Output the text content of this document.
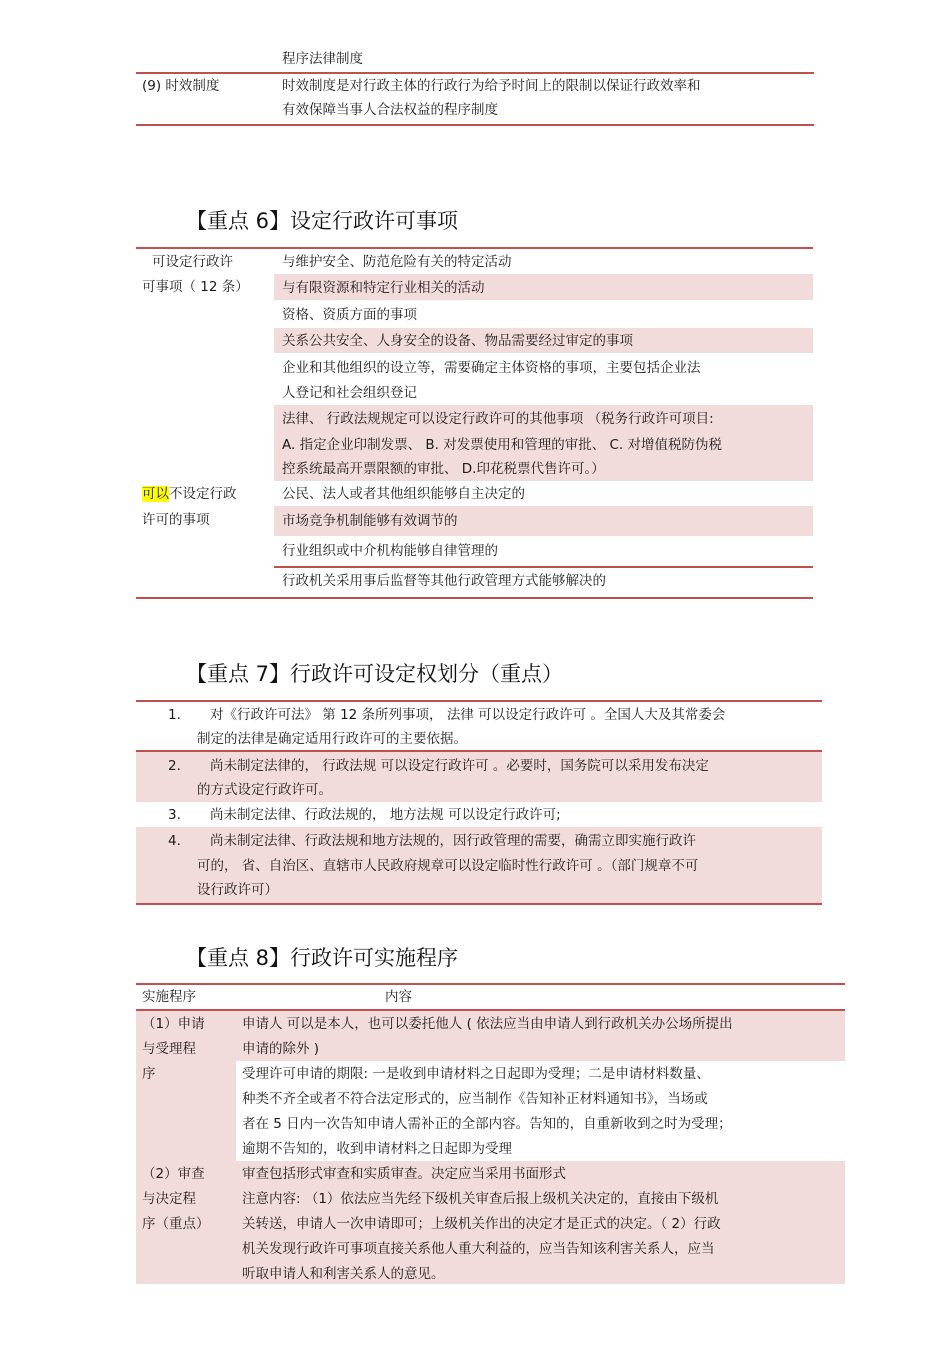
程序法律制度
(9) 时效制度	时效制度是对行政主体的行政行为给予时间上的限制以保证行政效率和
有效保障当事人合法权益的程序制度
【重点 6】设定行政许可事项
可设定行政许
可事项（ 12 条）
与维护安全、防范危险有关的特定活动
与有限资源和特定行业相关的活动
资格、资质方面的事项
关系公共安全、人身安全的设备、物品需要经过审定的事项
企业和其他组织的设立等，需要确定主体资格的事项，主要包括企业法
人登记和社会组织登记
法律、 行政法规规定可以设定行政许可的其他事项 （税务行政许可项目:
A. 指定企业印制发票、 B. 对发票使用和管理的审批、 C. 对增值税防伪税
控系统最高开票限额的审批、 D.印花税票代售许可。）
可以不设定行政
许可的事项
公民、法人或者其他组织能够自主决定的
市场竞争机制能够有效调节的
行业组织或中介机构能够自律管理的
行政机关采用事后监督等其他行政管理方式能够解决的
【重点 7】行政许可设定权划分（重点）
1. 对《行政许可法》 第 12 条所列事项， 法律 可以设定行政许可 。全国人大及其常委会
制定的法律是确定适用行政许可的主要依据。
2. 尚未制定法律的， 行政法规 可以设定行政许可 。必要时，国务院可以采用发布决定
的方式设定行政许可。
3. 尚未制定法律、行政法规的， 地方法规 可以设定行政许可;
4. 尚未制定法律、行政法规和地方法规的，因行政管理的需要，确需立即实施行政许
可的， 省、自治区、直辖市人民政府规章可以设定临时性行政许可 。（部门规章不可
设行政许可）
【重点 8】行政许可实施程序
实施程序	内容
（1）申请
与受理程
序
申请人 可以是本人，也可以委托他人 ( 依法应当由申请人到行政机关办公场所提出
申请的除外 )
受理许可申请的期限: 一是收到申请材料之日起即为受理；二是申请材料数量、
种类不齐全或者不符合法定形式的，应当制作《告知补正材料通知书》，当场或
者在 5 日内一次告知申请人需补正的全部内容。告知的，自重新收到之时为受理；
逾期不告知的，收到申请材料之日起即为受理
（2）审查
与决定程
序（重点）
审查包括形式审查和实质审查。决定应当采用书面形式
注意内容: （1）依法应当先经下级机关审查后报上级机关决定的，直接由下级机
关转送，申请人一次申请即可；上级机关作出的决定才是正式的决定。（ 2）行政
机关发现行政许可事项直接关系他人重大利益的，应当告知该利害关系人，应当
听取申请人和利害关系人的意见。
